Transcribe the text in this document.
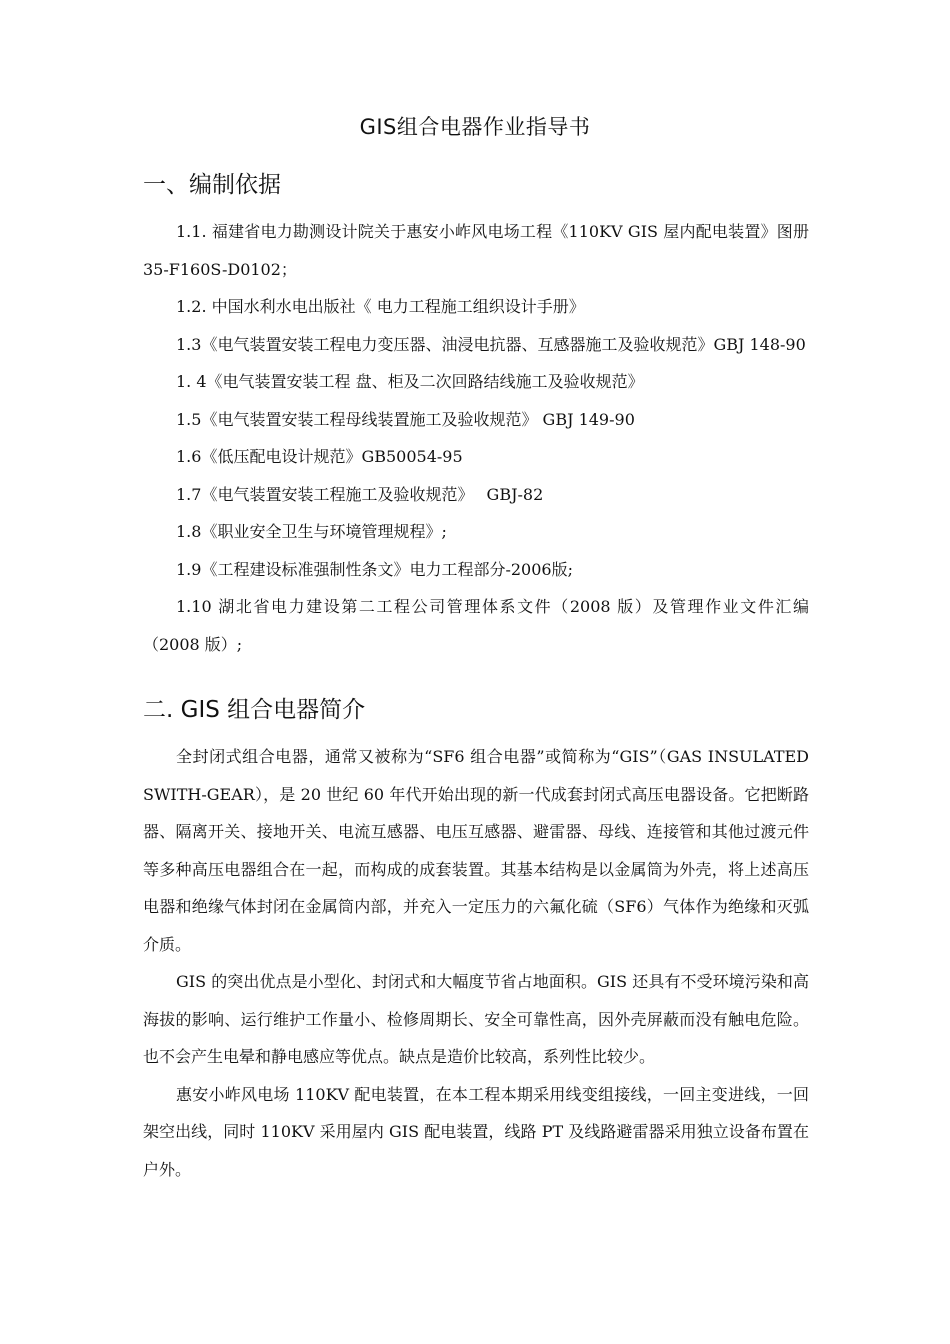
GIS组合电器作业指导书
一、编制依据

1.1. 福建省电力勘测设计院关于惠安小岞风电场工程《110KV GIS 屋内配电装置》图册 35-F160S-D0102；

1.2. 中国水利水电出版社《 电力工程施工组织设计手册》

1.3《电气装置安装工程电力变压器、油浸电抗器、互感器施工及验收规范》GBJ 148-90

1. 4《电气装置安装工程 盘、柜及二次回路结线施工及验收规范》

1.5《电气装置安装工程母线装置施工及验收规范》 GBJ 149-90

1.6《低压配电设计规范》GB50054-95

1.7《电气装置安装工程施工及验收规范》　 GBJ-82

1.8《职业安全卫生与环境管理规程》;

1.9《工程建设标准强制性条文》电力工程部分-2006版;

1.10 湖北省电力建设第二工程公司管理体系文件（2008 版）及管理作业文件汇编（2008 版）;

二. GIS 组合电器简介

全封闭式组合电器，通常又被称为“SF6 组合电器”或简称为“GIS”（GAS INSULATED SWITH-GEAR），是 20 世纪 60 年代开始出现的新一代成套封闭式高压电器设备。它把断路器、隔离开关、接地开关、电流互感器、电压互感器、避雷器、母线、连接管和其他过渡元件等多种高压电器组合在一起，而构成的成套装置。其基本结构是以金属筒为外壳，将上述高压电器和绝缘气体封闭在金属筒内部，并充入一定压力的六氟化硫（SF6）气体作为绝缘和灭弧介质。

GIS 的突出优点是小型化、封闭式和大幅度节省占地面积。GIS 还具有不受环境污染和高海拔的影响、运行维护工作量小、检修周期长、安全可靠性高，因外壳屏蔽而没有触电危险。也不会产生电晕和静电感应等优点。缺点是造价比较高，系列性比较少。

惠安小岞风电场 110KV 配电装置，在本工程本期采用线变组接线，一回主变进线，一回架空出线，同时 110KV 采用屋内 GIS 配电装置，线路 PT 及线路避雷器采用独立设备布置在户外。
